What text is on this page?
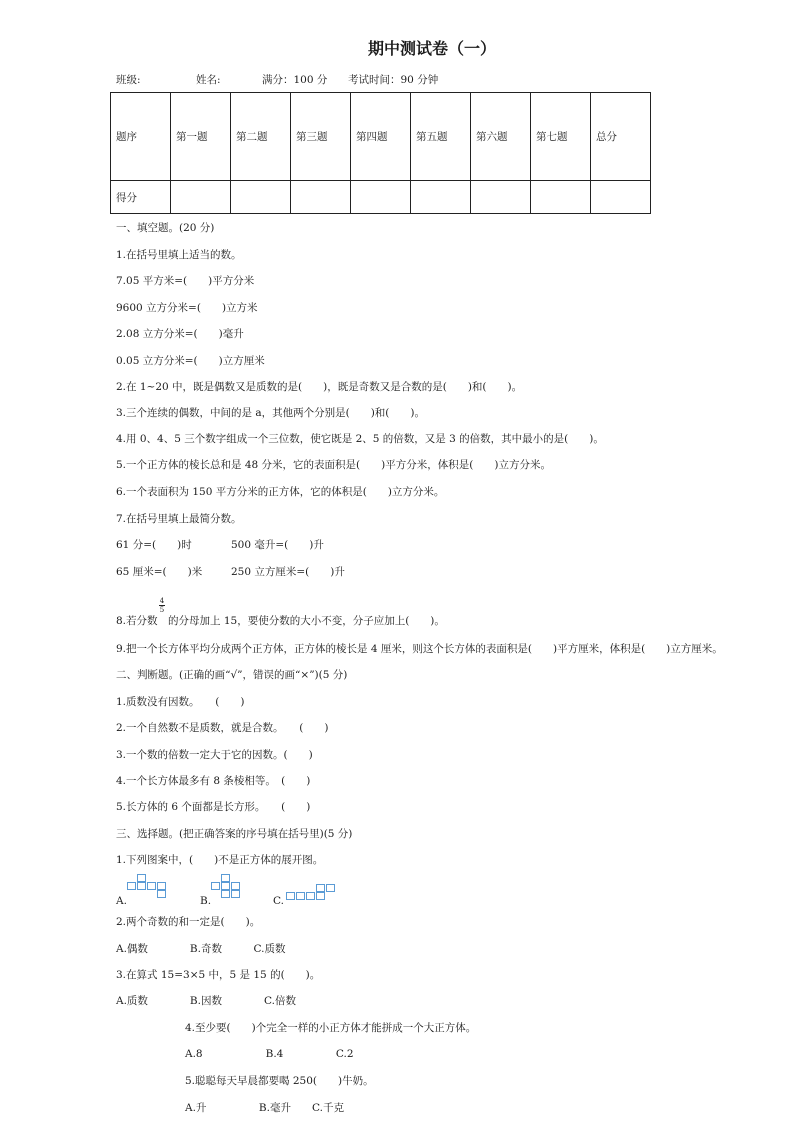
期中测试卷（一）
班级:	姓名:	满分：100 分 考试时间：90 分钟
题序	第一题	第二题	第三题	第四题	第五题	第六题	第七题	总分
得分								
一、填空题。(20 分)
1.在括号里填上适当的数。
7.05 平方米=(　　)平方分米
9600 立方分米=(　　)立方米
2.08 立方分米=(　　)毫升
0.05 立方分米=(　　)立方厘米
2.在 1~20 中，既是偶数又是质数的是(　　)，既是奇数又是合数的是(　　)和(　　)。
3.三个连续的偶数，中间的是 a，其他两个分别是(　　)和(　　)。
4.用 0、4、5 三个数字组成一个三位数，使它既是 2、5 的倍数，又是 3 的倍数，其中最小的是(　　)。
5.一个正方体的棱长总和是 48 分米，它的表面积是(　　)平方分米，体积是(　　)立方分米。
6.一个表面积为 150 平方分米的正方体，它的体积是(　　)立方分米。
7.在括号里填上最简分数。
61 分=(　　)时	500 毫升=(　　)升
65 厘米=(　　)米	250 立方厘米=(　　)升
4
5
8.若分数　的分母加上 15，要使分数的大小不变，分子应加上(　　)。
9.把一个长方体平均分成两个正方体，正方体的棱长是 4 厘米，则这个长方体的表面积是(　　)平方厘米，体积是(　　)立方厘米。
二、判断题。(正确的画“√”，错误的画“×”)(5 分)
1.质数没有因数。　　(　　)
2.一个自然数不是质数，就是合数。　　(　　)
3.一个数的倍数一定大于它的因数。(　　)
4.一个长方体最多有 8 条棱相等。　(　　)
5.长方体的 6 个面都是长方形。　　(　　)
三、选择题。(把正确答案的序号填在括号里)(5 分)
1.下列图案中，(　　)不是正方体的展开图。
A.	B.	C.
2.两个奇数的和一定是(　　)。
A.偶数　　　　B.奇数　　　C.质数
3.在算式 15=3×5 中，5 是 15 的(　　)。
A.质数　　　　B.因数　　　　C.倍数
4.至少要(　　)个完全一样的小正方体才能拼成一个大正方体。
A.8　　　　　　B.4　　　　　C.2
5.聪聪每天早晨都要喝 250(　　)牛奶。
A.升　　　　　B.毫升　　C.千克
